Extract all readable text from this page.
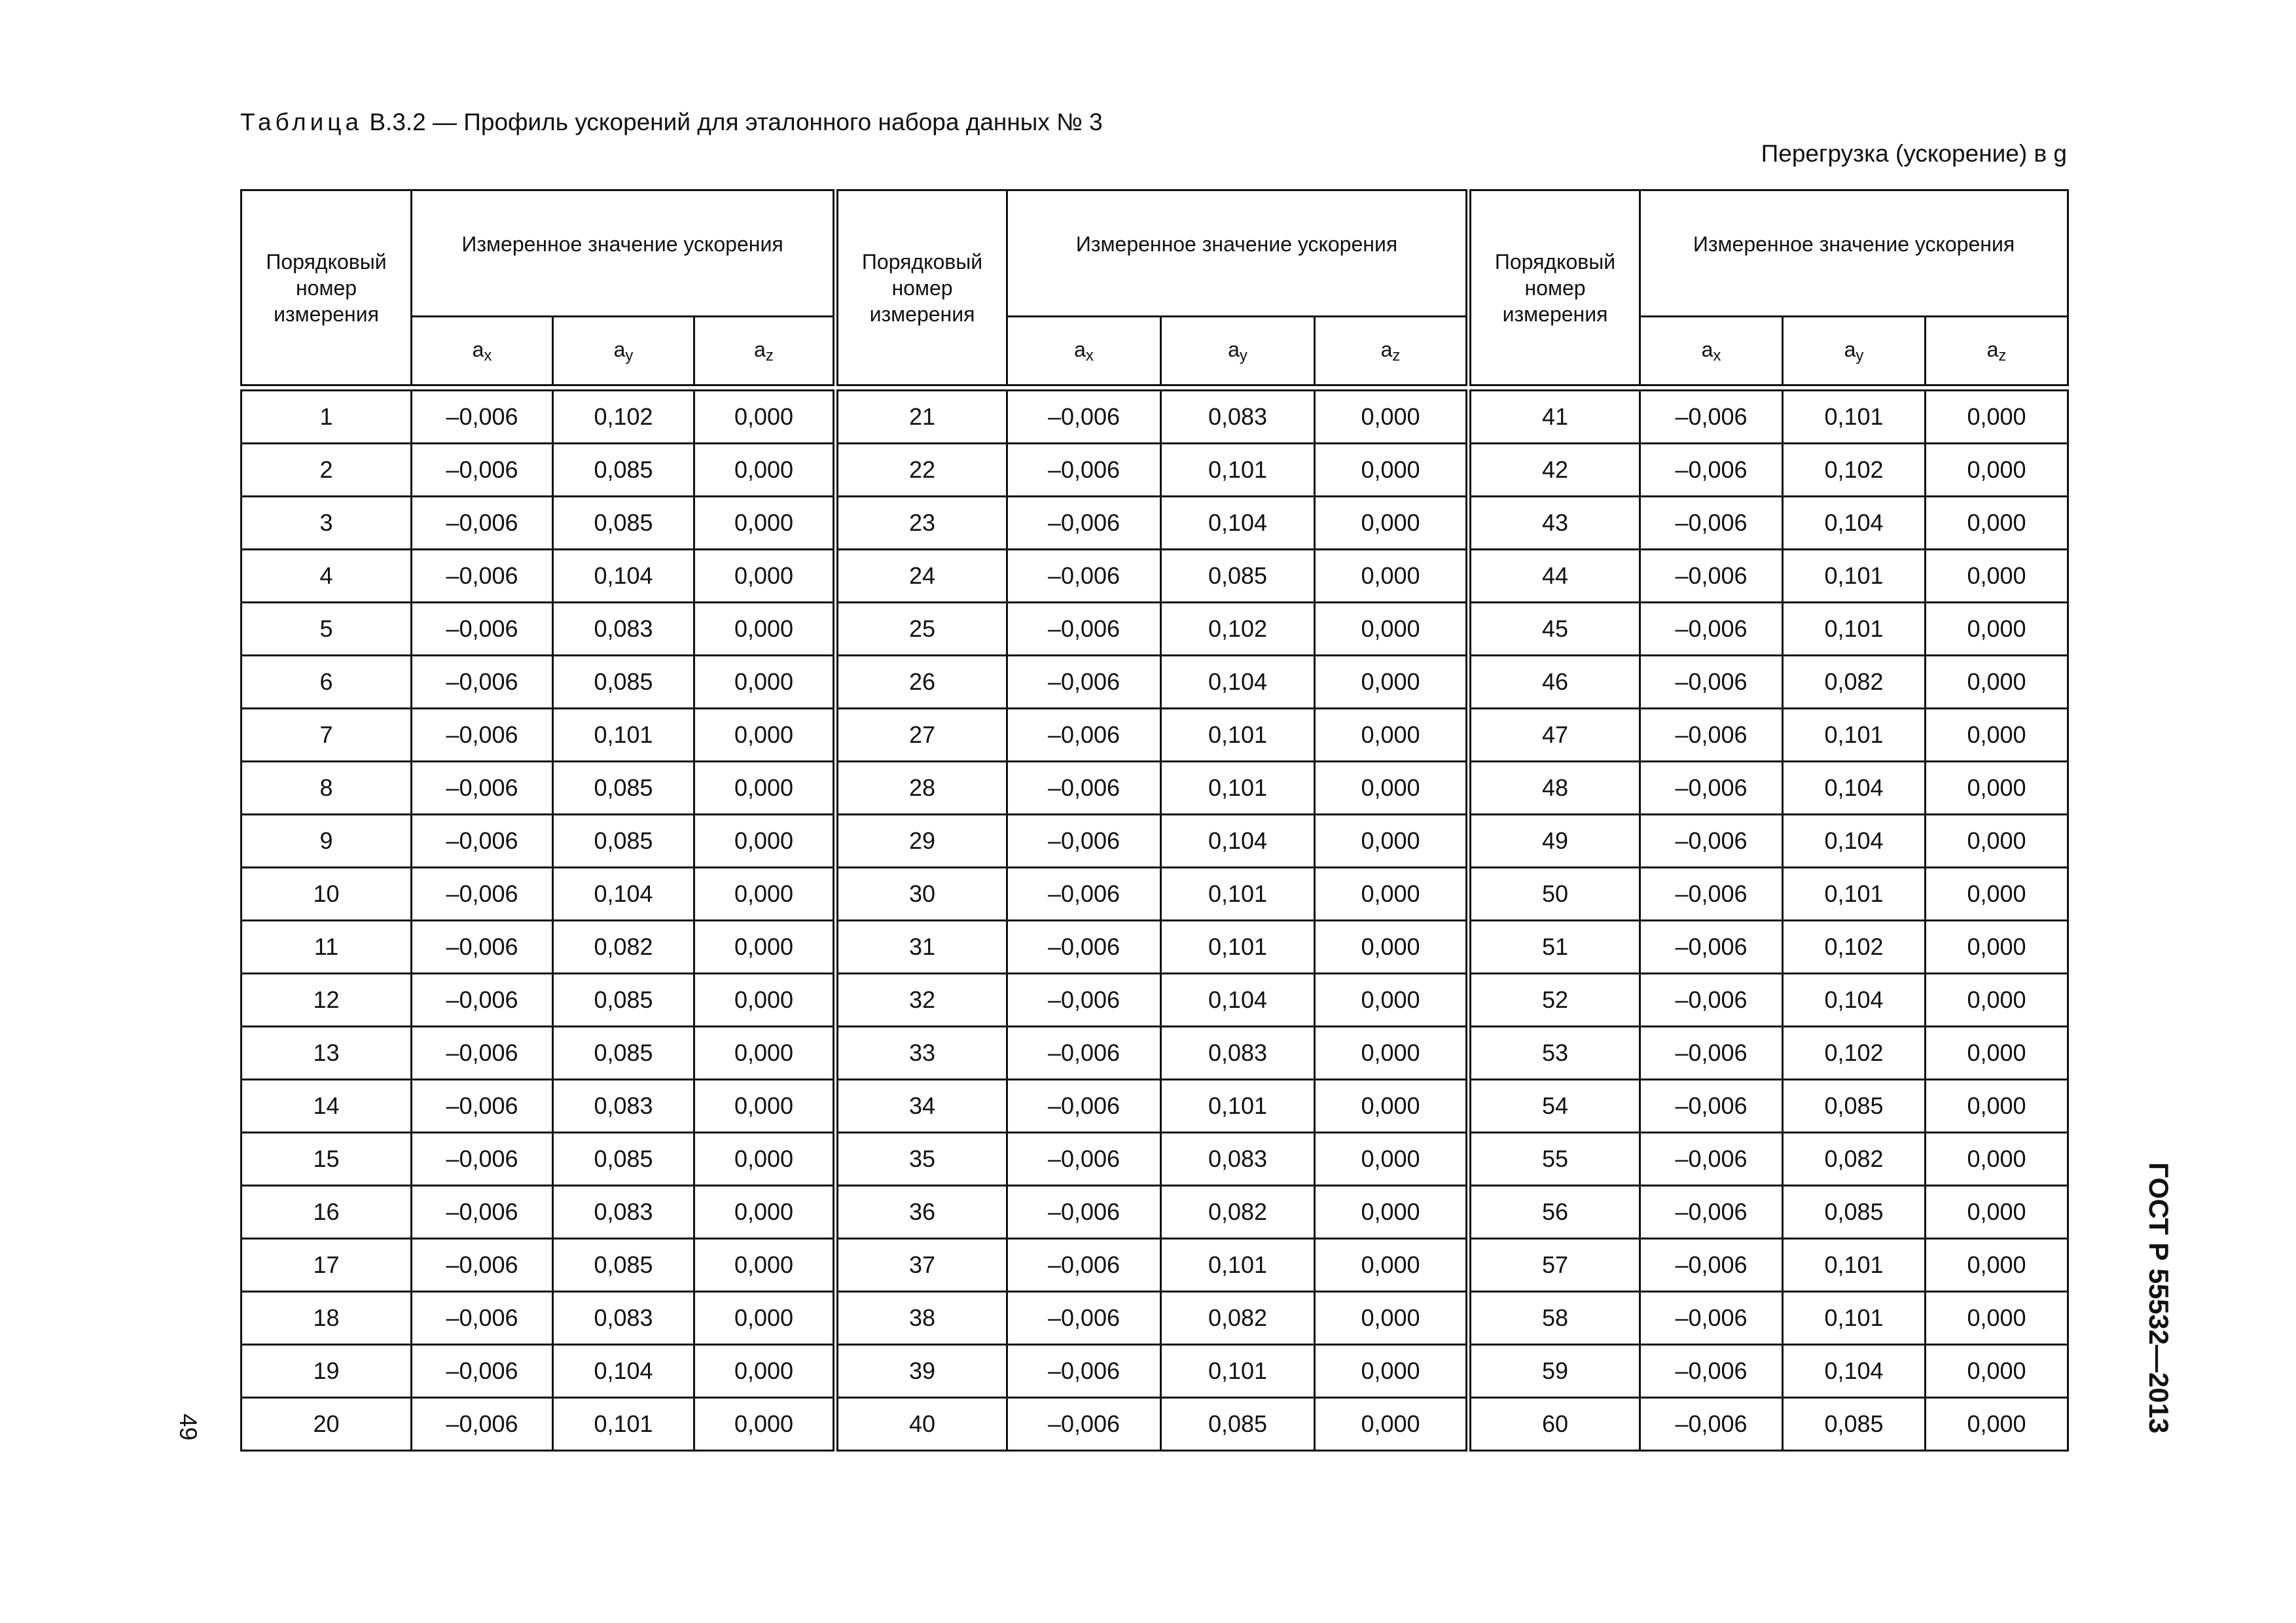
Таблица В.3.2 — Профиль ускорений для эталонного набора данных № 3
Перегрузка (ускорение) в g
Порядковый номер измерения	Измеренное значение ускорения			Порядковый номер измерения	Измеренное значение ускорения			Порядковый номер измерения	Измеренное значение ускорения		
	$a_x$	$a_y$	$a_z$		$a_x$	$a_y$	$a_z$		$a_x$	$a_y$	$a_z$

1	–0,006	0,102	0,000	21	–0,006	0,083	0,000	41	–0,006	0,101	0,000
2	–0,006	0,085	0,000	22	–0,006	0,101	0,000	42	–0,006	0,102	0,000
3	–0,006	0,085	0,000	23	–0,006	0,104	0,000	43	–0,006	0,104	0,000
4	–0,006	0,104	0,000	24	–0,006	0,085	0,000	44	–0,006	0,101	0,000
5	–0,006	0,083	0,000	25	–0,006	0,102	0,000	45	–0,006	0,101	0,000
6	–0,006	0,085	0,000	26	–0,006	0,104	0,000	46	–0,006	0,082	0,000
7	–0,006	0,101	0,000	27	–0,006	0,101	0,000	47	–0,006	0,101	0,000
8	–0,006	0,085	0,000	28	–0,006	0,101	0,000	48	–0,006	0,104	0,000
9	–0,006	0,085	0,000	29	–0,006	0,104	0,000	49	–0,006	0,104	0,000
10	–0,006	0,104	0,000	30	–0,006	0,101	0,000	50	–0,006	0,101	0,000
11	–0,006	0,082	0,000	31	–0,006	0,101	0,000	51	–0,006	0,102	0,000
12	–0,006	0,085	0,000	32	–0,006	0,104	0,000	52	–0,006	0,104	0,000
13	–0,006	0,085	0,000	33	–0,006	0,083	0,000	53	–0,006	0,102	0,000
14	–0,006	0,083	0,000	34	–0,006	0,101	0,000	54	–0,006	0,085	0,000
15	–0,006	0,085	0,000	35	–0,006	0,083	0,000	55	–0,006	0,082	0,000
16	–0,006	0,083	0,000	36	–0,006	0,082	0,000	56	–0,006	0,085	0,000
17	–0,006	0,085	0,000	37	–0,006	0,101	0,000	57	–0,006	0,101	0,000
18	–0,006	0,083	0,000	38	–0,006	0,082	0,000	58	–0,006	0,101	0,000
19	–0,006	0,104	0,000	39	–0,006	0,101	0,000	59	–0,006	0,104	0,000
20	–0,006	0,101	0,000	40	–0,006	0,085	0,000	60	–0,006	0,085	0,000
49	ГОСТ Р 55532—2013
